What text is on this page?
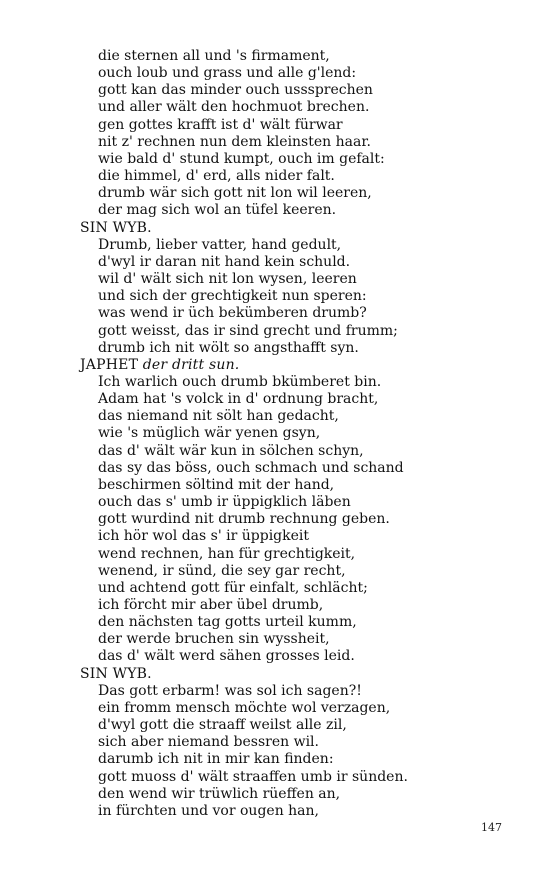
die sternen all und 's firmament,

ouch loub und grass und alle g'lend:

gott kan das minder ouch usssprechen

und aller wält den hochmuot brechen.

gen gottes krafft ist d' wält fürwar

nit z' rechnen nun dem kleinsten haar.

wie bald d' stund kumpt, ouch im gefalt:

die himmel, d' erd, alls nider falt.

drumb wär sich gott nit lon wil leeren,

der mag sich wol an tüfel keeren.

SIN WYB.

Drumb, lieber vatter, hand gedult,

d'wyl ir daran nit hand kein schuld.

wil d' wält sich nit lon wysen, leeren

und sich der grechtigkeit nun speren:

was wend ir üch bekümberen drumb?

gott weisst, das ir sind grecht und frumm;

drumb ich nit wölt so angsthafft syn.

JAPHET der dritt sun.

Ich warlich ouch drumb bkümberet bin.

Adam hat 's volck in d' ordnung bracht,

das niemand nit sölt han gedacht,

wie 's müglich wär yenen gsyn,

das d' wält wär kun in sölchen schyn,

das sy das böss, ouch schmach und schand

beschirmen söltind mit der hand,

ouch das s' umb ir üppigklich läben

gott wurdind nit drumb rechnung geben.

ich hör wol das s' ir üppigkeit

wend rechnen, han für grechtigkeit,

wenend, ir sünd, die sey gar recht,

und achtend gott für einfalt, schlächt;

ich förcht mir aber übel drumb,

den nächsten tag gotts urteil kumm,

der werde bruchen sin wyssheit,

das d' wält werd sähen grosses leid.

SIN WYB.

Das gott erbarm! was sol ich sagen?!

ein fromm mensch möchte wol verzagen,

d'wyl gott die straaff weilst alle zil,

sich aber niemand bessren wil.

darumb ich nit in mir kan finden:

gott muoss d' wält straaffen umb ir sünden.

den wend wir trüwlich rüeffen an,

in fürchten und vor ougen han,

147
